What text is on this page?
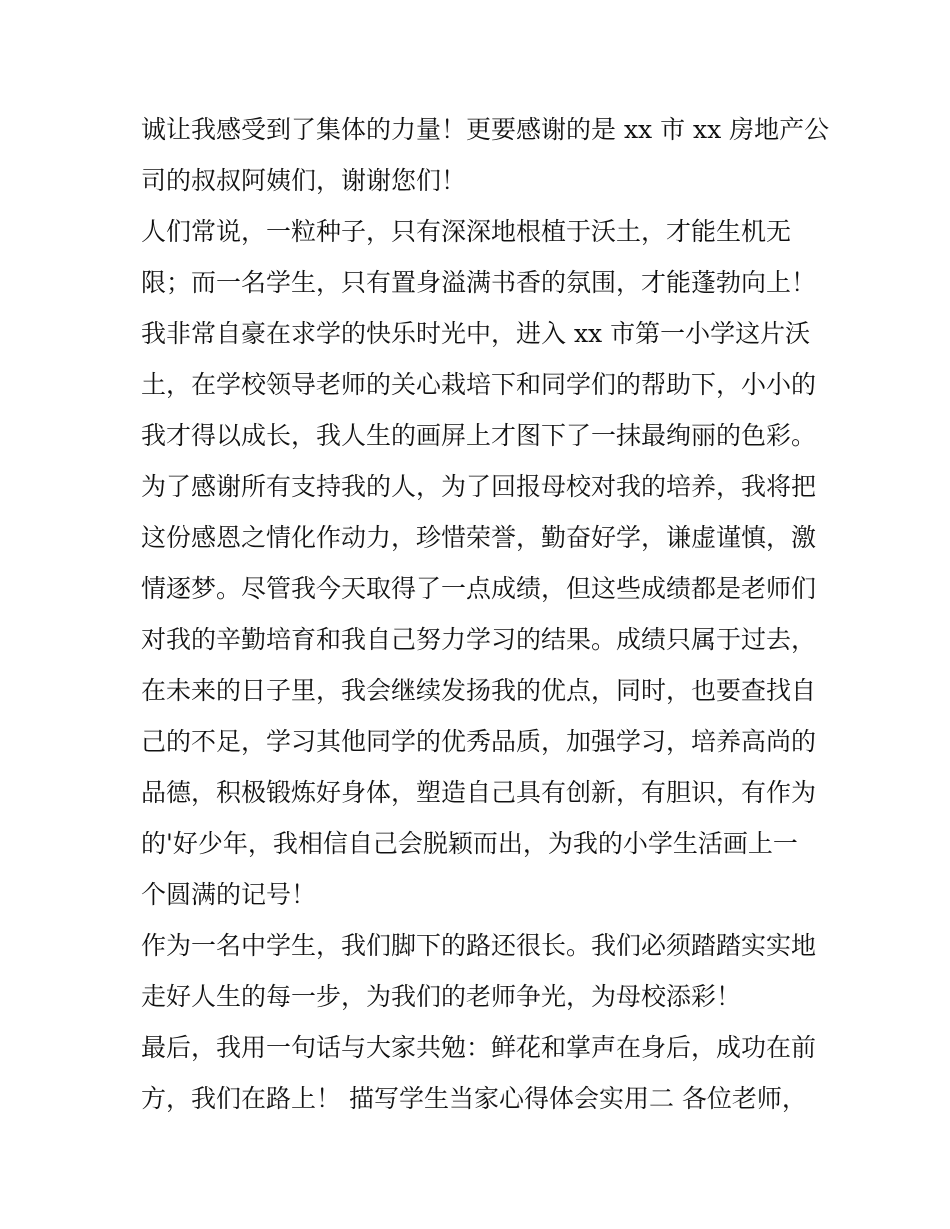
诚让我感受到了集体的力量！更要感谢的是 xx 市 xx 房地产公
司的叔叔阿姨们，谢谢您们！
人们常说，一粒种子，只有深深地根植于沃土，才能生机无
限；而一名学生，只有置身溢满书香的氛围，才能蓬勃向上！
我非常自豪在求学的快乐时光中，进入 xx 市第一小学这片沃
土，在学校领导老师的关心栽培下和同学们的帮助下，小小的
我才得以成长，我人生的画屏上才图下了一抹最绚丽的色彩。
为了感谢所有支持我的人，为了回报母校对我的培养，我将把
这份感恩之情化作动力，珍惜荣誉，勤奋好学，谦虚谨慎，激
情逐梦。尽管我今天取得了一点成绩，但这些成绩都是老师们
对我的辛勤培育和我自己努力学习的结果。成绩只属于过去，
在未来的日子里，我会继续发扬我的优点，同时，也要查找自
己的不足，学习其他同学的优秀品质，加强学习，培养高尚的
品德，积极锻炼好身体，塑造自己具有创新，有胆识，有作为
的'好少年，我相信自己会脱颖而出，为我的小学生活画上一
个圆满的记号！
作为一名中学生，我们脚下的路还很长。我们必须踏踏实实地
走好人生的每一步，为我们的老师争光，为母校添彩！
最后，我用一句话与大家共勉：鲜花和掌声在身后，成功在前
方，我们在路上！ 描写学生当家心得体会实用二 各位老师，
